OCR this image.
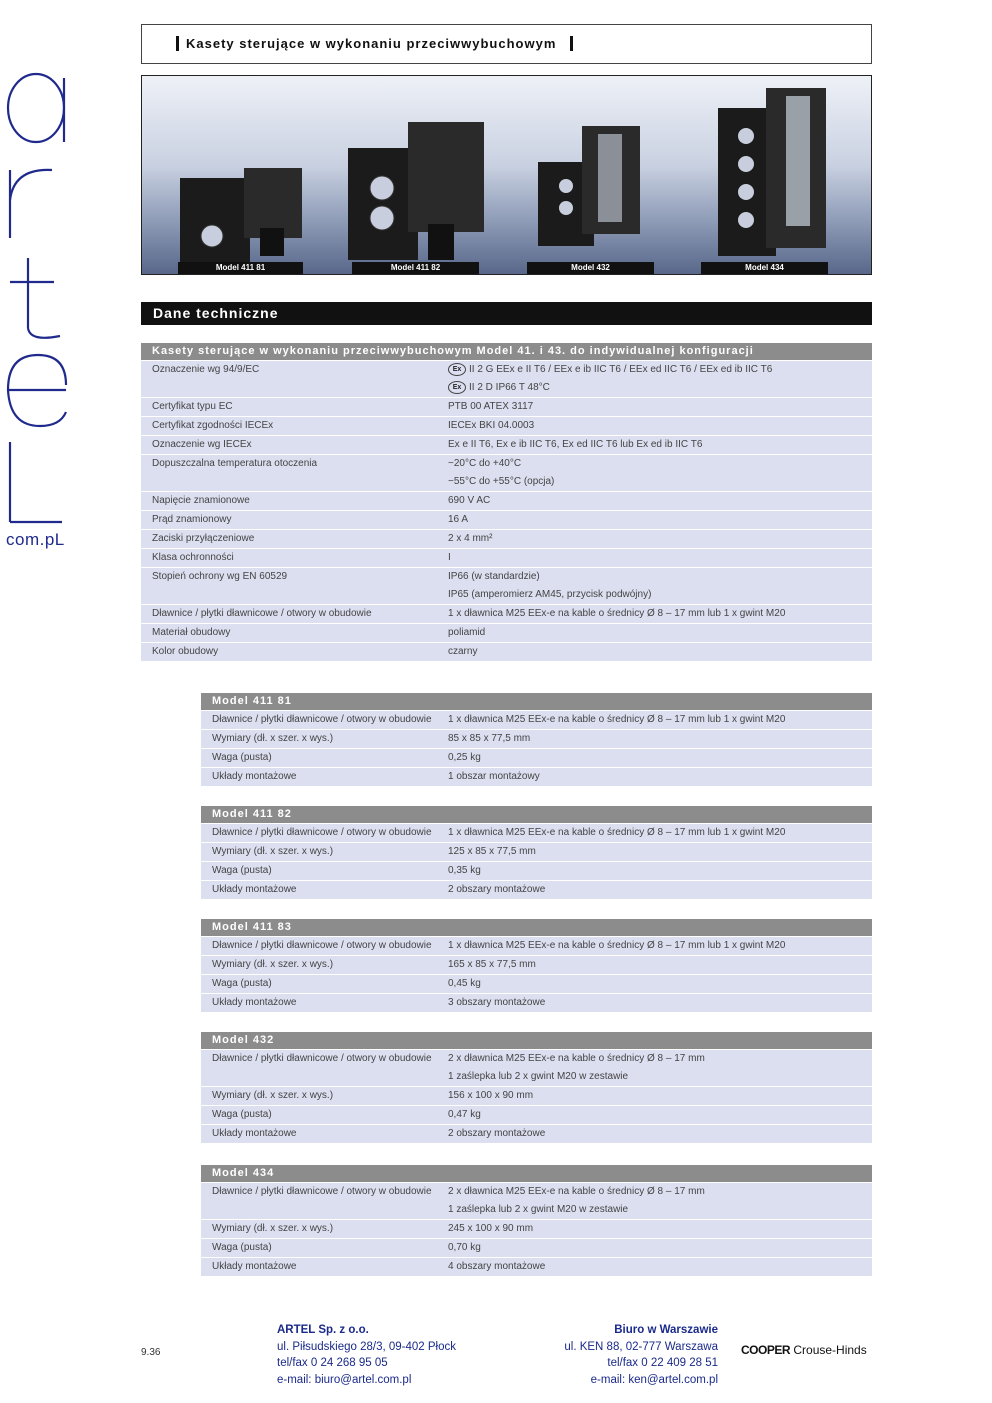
com.pL
Kasety sterujące w wykonaniu przeciwwybuchowym
Model 411 81	Model 411 82	Model 432	Model 434
Dane techniczne
Kasety sterujące w wykonaniu przeciwwybuchowym Model 41. i 43. do indywidualnej konfiguracji	
Oznaczenie wg 94/9/EC	Ex II 2 G EEx e II T6 / EEx e ib IIC T6 / EEx ed IIC T6 / EEx ed ib IIC T6
	Ex II 2 D IP66 T 48°C
Certyfikat typu EC	PTB 00 ATEX 3117
Certyfikat zgodności IECEx	IECEx BKI 04.0003
Oznaczenie wg IECEx	Ex e II T6, Ex e ib IIC T6, Ex ed IIC T6 lub Ex ed ib IIC T6
Dopuszczalna temperatura otoczenia	−20°C do +40°C
	−55°C do +55°C (opcja)
Napięcie znamionowe	690 V AC
Prąd znamionowy	16 A
Zaciski przyłączeniowe	2 x 4 mm²
Klasa ochronności	I
Stopień ochrony wg EN 60529	IP66 (w standardzie)
	IP65 (amperomierz AM45, przycisk podwójny)
Dławnice / płytki dławnicowe / otwory w obudowie	1 x dławnica M25 EEx-e na kable o średnicy Ø 8 – 17 mm lub 1 x gwint M20
Materiał obudowy	poliamid
Kolor obudowy	czarny
Model 411 81	
Dławnice / płytki dławnicowe / otwory w obudowie	1 x dławnica M25 EEx-e na kable o średnicy Ø 8 – 17 mm lub 1 x gwint M20
Wymiary (dł. x szer. x wys.)	85 x 85 x 77,5 mm
Waga (pusta)	0,25 kg
Układy montażowe	1 obszar montażowy
Model 411 82	
Dławnice / płytki dławnicowe / otwory w obudowie	1 x dławnica M25 EEx-e na kable o średnicy Ø 8 – 17 mm lub 1 x gwint M20
Wymiary (dł. x szer. x wys.)	125 x 85 x 77,5 mm
Waga (pusta)	0,35 kg
Układy montażowe	2 obszary montażowe
Model 411 83	
Dławnice / płytki dławnicowe / otwory w obudowie	1 x dławnica M25 EEx-e na kable o średnicy Ø 8 – 17 mm lub 1 x gwint M20
Wymiary (dł. x szer. x wys.)	165 x 85 x 77,5 mm
Waga (pusta)	0,45 kg
Układy montażowe	3 obszary montażowe
Model 432	
Dławnice / płytki dławnicowe / otwory w obudowie	2 x dławnica M25 EEx-e na kable o średnicy Ø 8 – 17 mm
	1 zaślepka lub 2 x gwint M20 w zestawie
Wymiary (dł. x szer. x wys.)	156 x 100 x 90 mm
Waga (pusta)	0,47 kg
Układy montażowe	2 obszary montażowe
Model 434	
Dławnice / płytki dławnicowe / otwory w obudowie	2 x dławnica M25 EEx-e na kable o średnicy Ø 8 – 17 mm
	1 zaślepka lub 2 x gwint M20 w zestawie
Wymiary (dł. x szer. x wys.)	245 x 100 x 90 mm
Waga (pusta)	0,70 kg
Układy montażowe	4 obszary montażowe
9.36
ARTEL Sp. z o.o.
ul. Piłsudskiego 28/3, 09-402 Płock
tel/fax 0 24 268 95 05
e-mail: biuro@artel.com.pl
Biuro w Warszawie
ul. KEN 88, 02-777 Warszawa
tel/fax 0 22 409 28 51
e-mail: ken@artel.com.pl
COOPER Crouse-Hinds
